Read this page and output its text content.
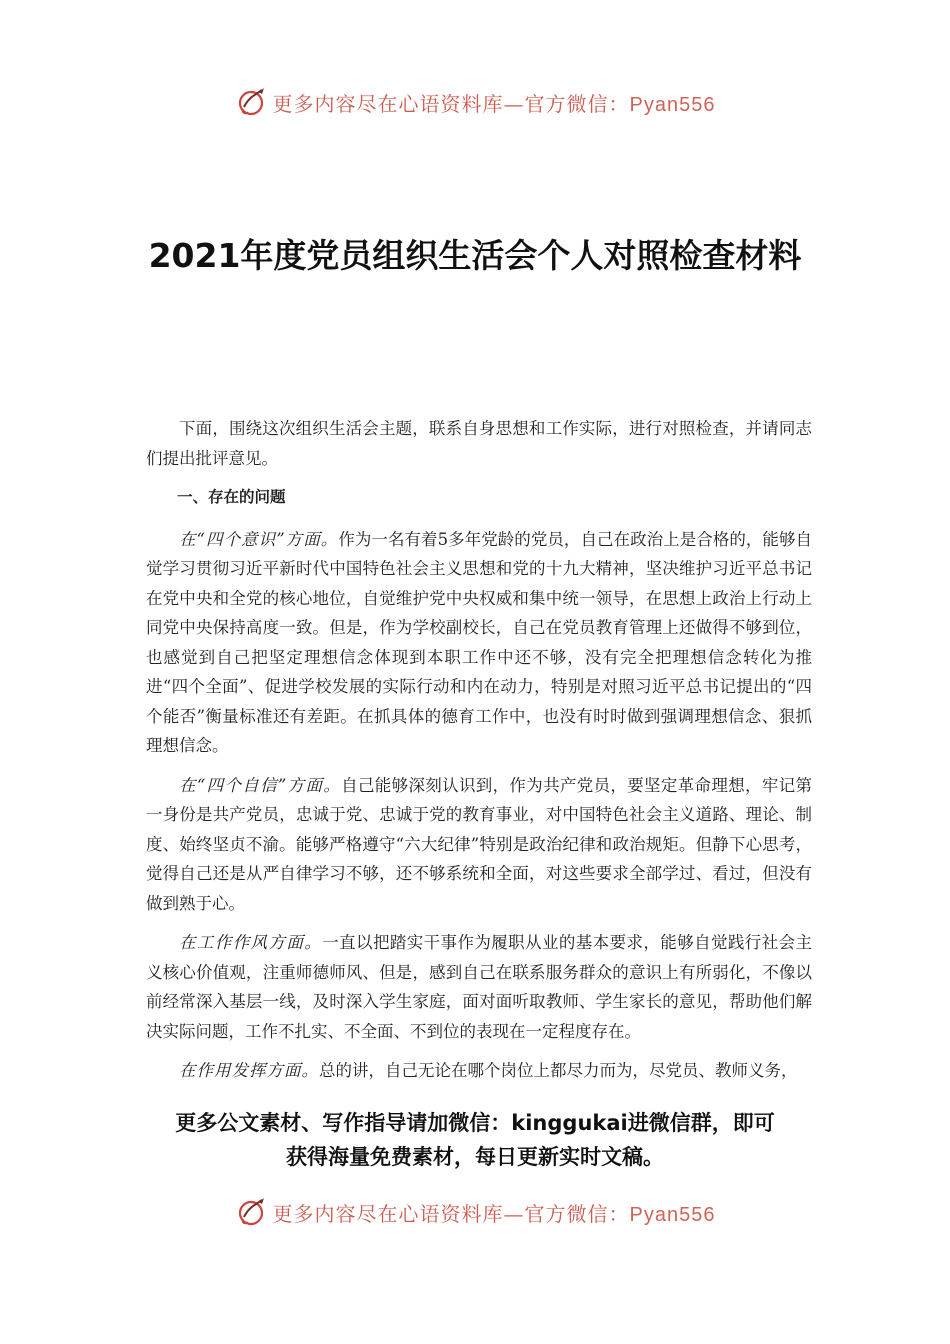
更多内容尽在心语资料库—官方微信：Pyan556
2021年度党员组织生活会个人对照检查材料

下面，围绕这次组织生活会主题，联系自身思想和工作实际，进行对照检查，并请同志们提出批评意见。

一、存在的问题

在“四个意识”方面。作为一名有着5多年党龄的党员，自己在政治上是合格的，能够自觉学习贯彻习近平新时代中国特色社会主义思想和党的十九大精神，坚决维护习近平总书记在党中央和全党的核心地位，自觉维护党中央权威和集中统一领导，在思想上政治上行动上同党中央保持高度一致。但是，作为学校副校长，自己在党员教育管理上还做得不够到位，也感觉到自己把坚定理想信念体现到本职工作中还不够，没有完全把理想信念转化为推进“四个全面”、促进学校发展的实际行动和内在动力，特别是对照习近平总书记提出的“四个能否”衡量标准还有差距。在抓具体的德育工作中，也没有时时做到强调理想信念、狠抓理想信念。

在“四个自信”方面。自己能够深刻认识到，作为共产党员，要坚定革命理想，牢记第一身份是共产党员，忠诚于党、忠诚于党的教育事业，对中国特色社会主义道路、理论、制度、始终坚贞不渝。能够严格遵守“六大纪律”特别是政治纪律和政治规矩。但静下心思考，觉得自己还是从严自律学习不够，还不够系统和全面，对这些要求全部学过、看过，但没有做到熟于心。

在工作作风方面。一直以把踏实干事作为履职从业的基本要求，能够自觉践行社会主义核心价值观，注重师德师风、但是，感到自己在联系服务群众的意识上有所弱化，不像以前经常深入基层一线，及时深入学生家庭，面对面听取教师、学生家长的意见，帮助他们解决实际问题，工作不扎实、不全面、不到位的表现在一定程度存在。

在作用发挥方面。总的讲，自己无论在哪个岗位上都尽力而为，尽党员、教师义务，

更多公文素材、写作指导请加微信：kinggukai进微信群，即可
获得海量免费素材，每日更新实时文稿。
更多内容尽在心语资料库—官方微信：Pyan556
